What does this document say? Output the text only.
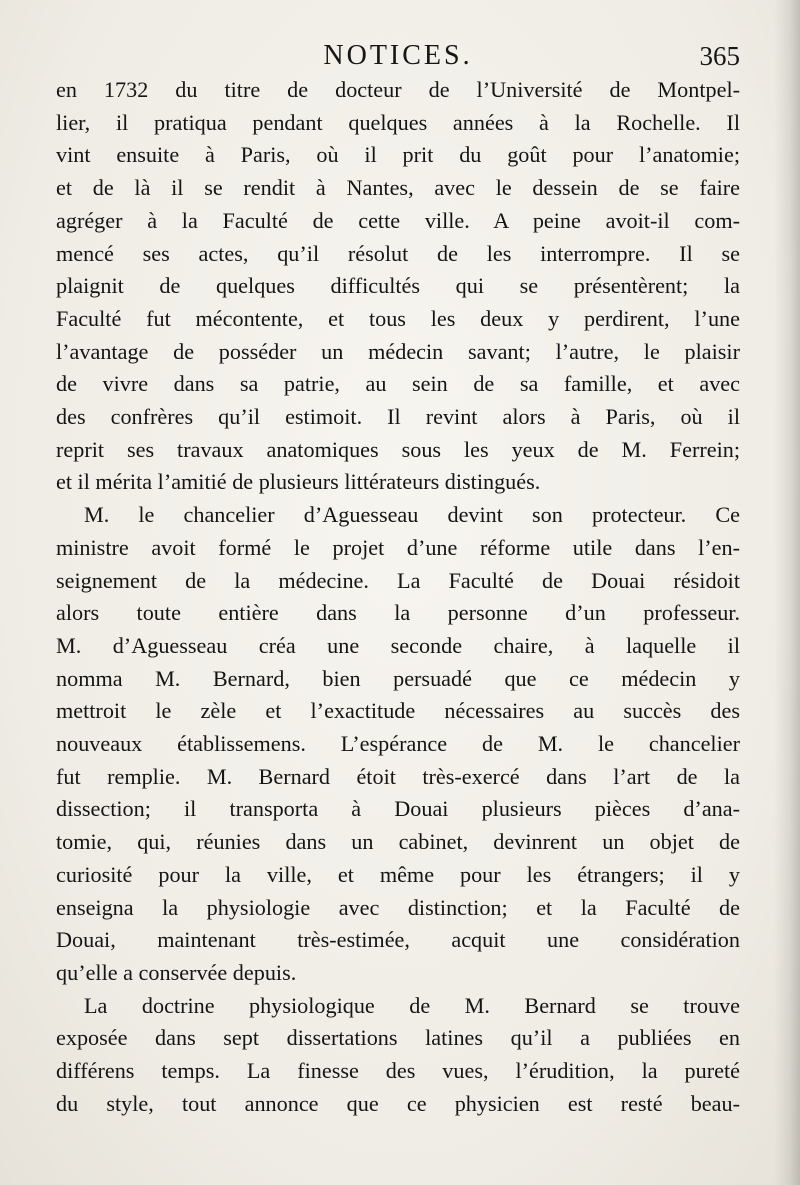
NOTICES.	365
en 1732 du titre de docteur de l’Université de Montpel-
lier, il pratiqua pendant quelques années à la Rochelle. Il
vint ensuite à Paris, où il prit du goût pour l’anatomie;
et de là il se rendit à Nantes, avec le dessein de se faire
agréger à la Faculté de cette ville. A peine avoit-il com-
mencé ses actes, qu’il résolut de les interrompre. Il se
plaignit de quelques difficultés qui se présentèrent; la
Faculté fut mécontente, et tous les deux y perdirent, l’une
l’avantage de posséder un médecin savant; l’autre, le plaisir
de vivre dans sa patrie, au sein de sa famille, et avec
des confrères qu’il estimoit. Il revint alors à Paris, où il
reprit ses travaux anatomiques sous les yeux de M. Ferrein;
et il mérita l’amitié de plusieurs littérateurs distingués.
M. le chancelier d’Aguesseau devint son protecteur. Ce
ministre avoit formé le projet d’une réforme utile dans l’en-
seignement de la médecine. La Faculté de Douai résidoit
alors toute entière dans la personne d’un professeur.
M. d’Aguesseau créa une seconde chaire, à laquelle il
nomma M. Bernard, bien persuadé que ce médecin y
mettroit le zèle et l’exactitude nécessaires au succès des
nouveaux établissemens. L’espérance de M. le chancelier
fut remplie. M. Bernard étoit très-exercé dans l’art de la
dissection; il transporta à Douai plusieurs pièces d’ana-
tomie, qui, réunies dans un cabinet, devinrent un objet de
curiosité pour la ville, et même pour les étrangers; il y
enseigna la physiologie avec distinction; et la Faculté de
Douai, maintenant très-estimée, acquit une considération
qu’elle a conservée depuis.
La doctrine physiologique de M. Bernard se trouve
exposée dans sept dissertations latines qu’il a publiées en
différens temps. La finesse des vues, l’érudition, la pureté
du style, tout annonce que ce physicien est resté beau-
